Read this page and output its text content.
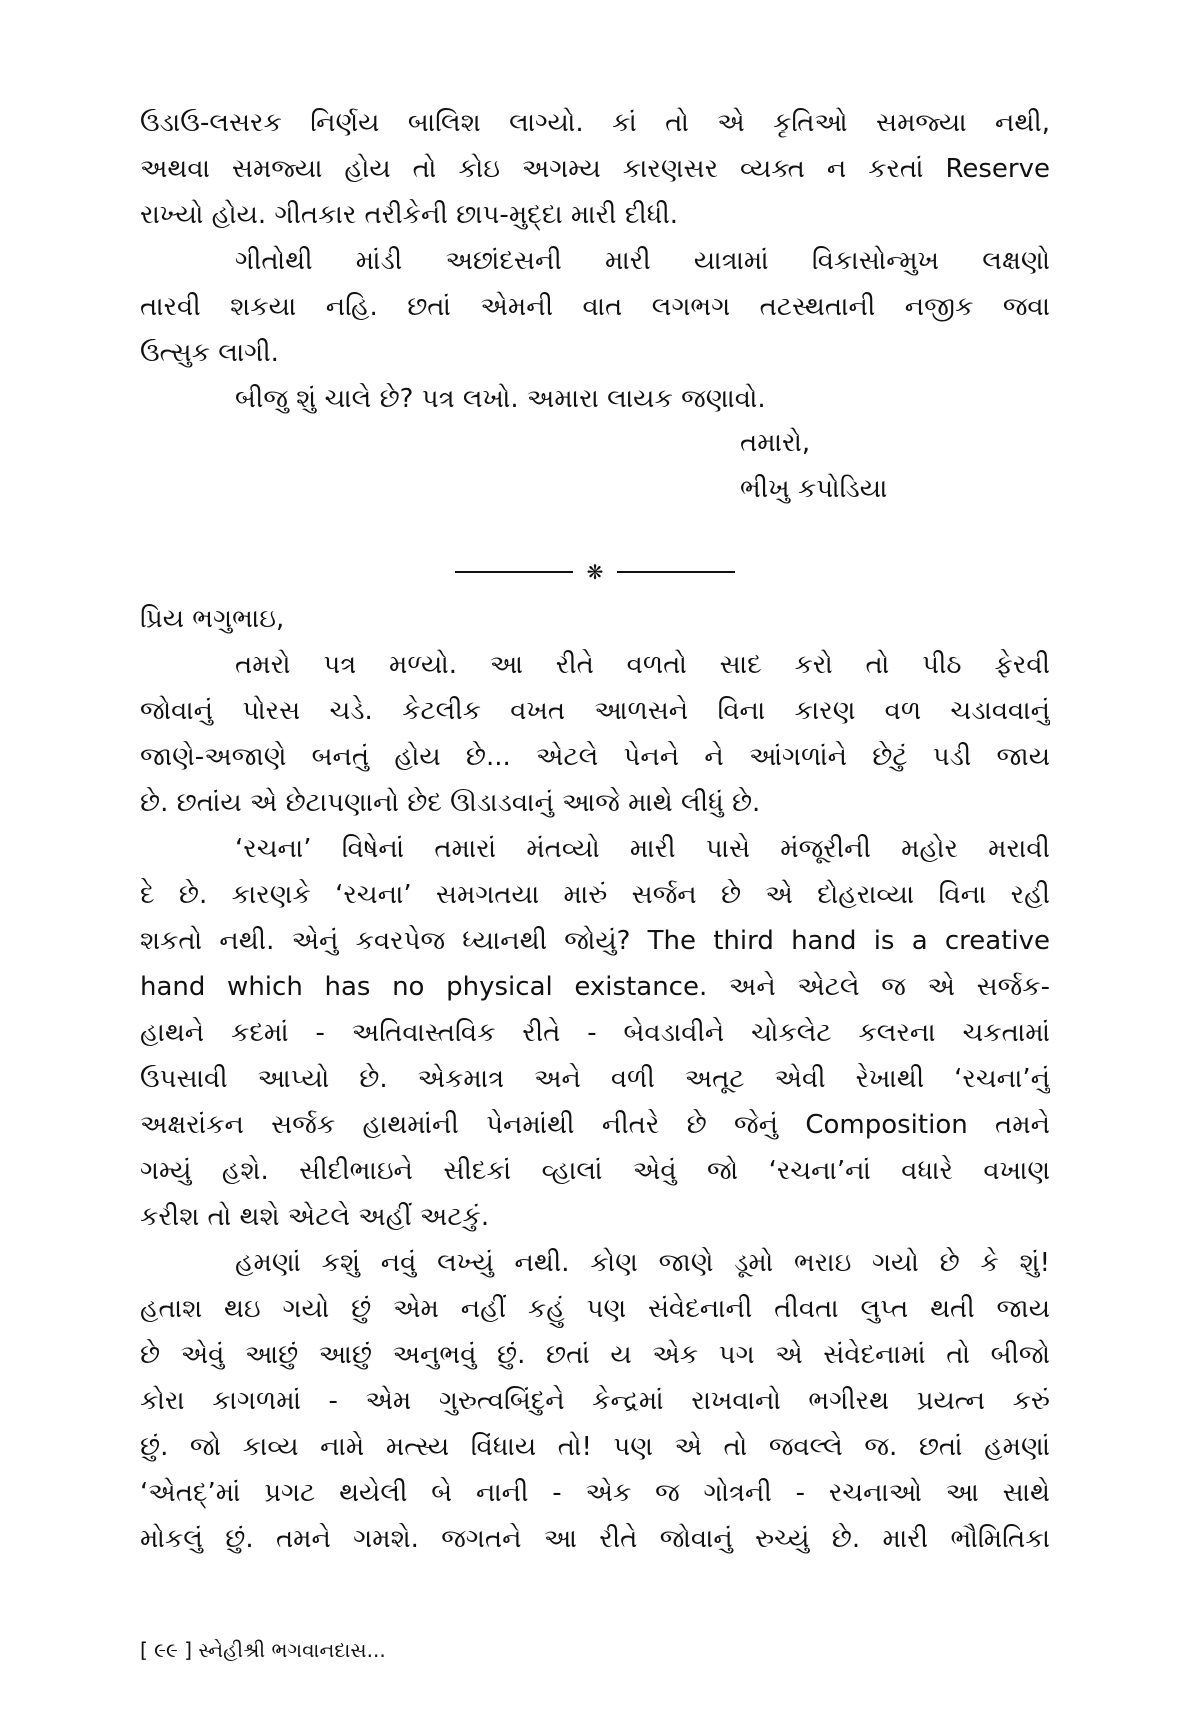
ઉડાઉ-લસરક નિર્ણય બાલિશ લાગ્યો. કાં તો એ કૃતિઓ સમજ્યા નથી,
અથવા સમજ્યા હોય તો કોઇ અગમ્ય કારણસર વ્યક્ત ન કરતાં Reserve
રાખ્યો હોય. ગીતકાર તરીકેની છાપ-મુદ્દા મારી દીધી.
ગીતોથી માંડી અછાંદસની મારી યાત્રામાં વિકાસોન્મુખ લક્ષણો
તારવી શકયા નહિ. છતાં એમની વાત લગભગ તટસ્થતાની નજીક જવા
ઉત્સુક લાગી.
બીજુ શું ચાલે છે? પત્ર લખો. અમારા લાયક જણાવો.
તમારો,
ભીખુ કપોડિયા
❋
પ્રિય ભગુભાઇ,
તમરો પત્ર મળ્યો. આ રીતે વળતો સાદ કરો તો પીઠ ફેરવી
જોવાનું પોરસ ચડે. કેટલીક વખત આળસને વિના કારણ વળ ચડાવવાનું
જાણે-અજાણે બનતું હોય છે... એટલે પેનને ને આંગળાંને છેટું પડી જાય
છે. છતાંય એ છેટાપણાનો છેદ ઊડાડવાનું આજે માથે લીધું છે.
‘રચના’ વિષેનાં તમારાં મંતવ્યો મારી પાસે મંજૂરીની મહોર મરાવી
દે છે. કારણકે ‘રચના’ સમગતયા મારું સર્જન છે એ દોહરાવ્યા વિના રહી
શકતો નથી. એનું કવરપેજ ધ્યાનથી જોયું? The third hand is a creative
hand which has no physical existance. અને એટલે જ એ સર્જક-
હાથને કદમાં - અતિવાસ્તવિક રીતે - બેવડાવીને ચોકલેટ કલરના ચકતામાં
ઉપસાવી આપ્યો છે. એકમાત્ર અને વળી અતૂટ એવી રેખાથી ‘રચના’નું
અક્ષરાંકન સર્જક હાથમાંની પેનમાંથી નીતરે છે જેનું Composition તમને
ગમ્યું હશે. સીદીભાઇને સીદકાં વ્હાલાં એવું જો ‘રચના’નાં વધારે વખાણ
કરીશ તો થશે એટલે અહીં અટકું.
હમણાં કશું નવું લખ્યું નથી. કોણ જાણે ડૂમો ભરાઇ ગયો છે કે શું!
હતાશ થઇ ગયો છું એમ નહીં કહું પણ સંવેદનાની તીવતા લુપ્ત થતી જાય
છે એવું આછું આછું અનુભવું છું. છતાં ય એક પગ એ સંવેદનામાં તો બીજો
કોરા કાગળમાં - એમ ગુરુત્વબિંદુને કેન્દ્રમાં રાખવાનો ભગીરથ પ્રયત્ન કરું
છું. જો કાવ્ય નામે મત્સ્ય વિંધાય તો! પણ એ તો જવલ્લે જ. છતાં હમણાં
‘એતદ્’માં પ્રગટ થયેલી બે નાની - એક જ ગોત્રની - રચનાઓ આ સાથે
મોકલું છું. તમને ગમશે. જગતને આ રીતે જોવાનું રુચ્યું છે. મારી ભૌમિતિકા
[ ૯૯ ] સ્નેહીશ્રી ભગવાનદાસ...
